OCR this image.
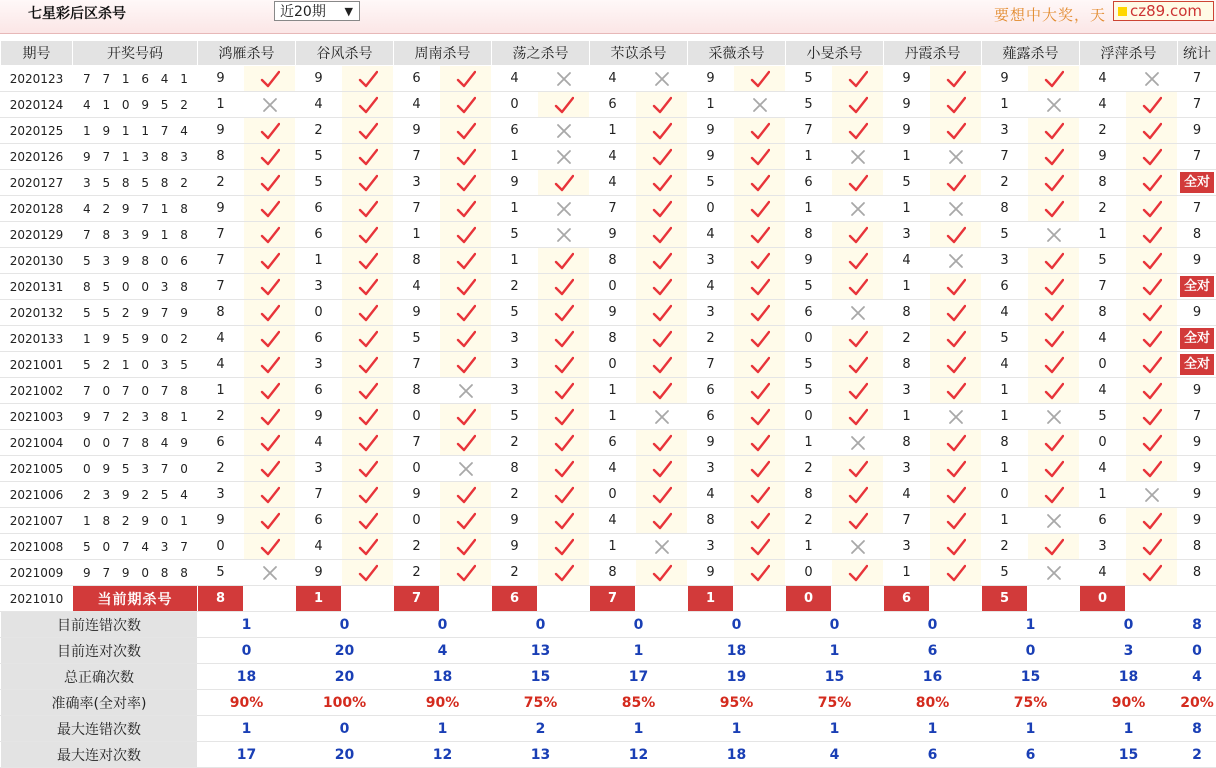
七星彩后区杀号	近20期 ▼	要想中大奖，天	cz89.com
期号	开奖号码	鸿雁杀号		谷风杀号		周南杀号		荡之杀号		芣苡杀号		采薇杀号		小旻杀号		丹霞杀号		薤露杀号		浮萍杀号		统计
2020123	7 7 1 6 4 1	9		9		6		4		4		9		5		9		9		4		7
2020124	4 1 0 9 5 2	1		4		4		0		6		1		5		9		1		4		7
2020125	1 9 1 1 7 4	9		2		9		6		1		9		7		9		3		2		9
2020126	9 7 1 3 8 3	8		5		7		1		4		9		1		1		7		9		7
2020127	3 5 8 5 8 2	2		5		3		9		4		5		6		5		2		8		全对

2020128	4 2 9 7 1 8	9		6		7		1		7		0		1		1		8		2		7
2020129	7 8 3 9 1 8	7		6		1		5		9		4		8		3		5		1		8
2020130	5 3 9 8 0 6	7		1		8		1		8		3		9		4		3		5		9
2020131	8 5 0 0 3 8	7		3		4		2		0		4		5		1		6		7		全对

2020132	5 5 2 9 7 9	8		0		9		5		9		3		6		8		4		8		9
2020133	1 9 5 9 0 2	4		6		5		3		8		2		0		2		5		4		全对

2021001	5 2 1 0 3 5	4		3		7		3		0		7		5		8		4		0		全对

2021002	7 0 7 0 7 8	1		6		8		3		1		6		5		3		1		4		9
2021003	9 7 2 3 8 1	2		9		0		5		1		6		0		1		1		5		7
2021004	0 0 7 8 4 9	6		4		7		2		6		9		1		8		8		0		9
2021005	0 9 5 3 7 0	2		3		0		8		4		3		2		3		1		4		9
2021006	2 3 9 2 5 4	3		7		9		2		0		4		8		4		0		1		9
2021007	1 8 2 9 0 1	9		6		0		9		4		8		2		7		1		6		9
2021008	5 0 7 4 3 7	0		4		2		9		1		3		1		3		2		3		8
2021009	9 7 9 0 8 8	5		9		2		2		8		9		0		1		5		4		8
2021010	当前期杀号	8		1		7		6		7		1		0		6		5		0		
目前连错次数		1		0		0		0		0		0		0		0		1		0		8
目前连对次数		0		20		4		13		1		18		1		6		0		3		0
总正确次数		18		20		18		15		17		19		15		16		15		18		4
准确率(全对率)		90%		100%		90%		75%		85%		95%		75%		80%		75%		90%		20%
最大连错次数		1		0		1		2		1		1		1		1		1		1		8
最大连对次数		17		20		12		13		12		18		4		6		6		15		2
